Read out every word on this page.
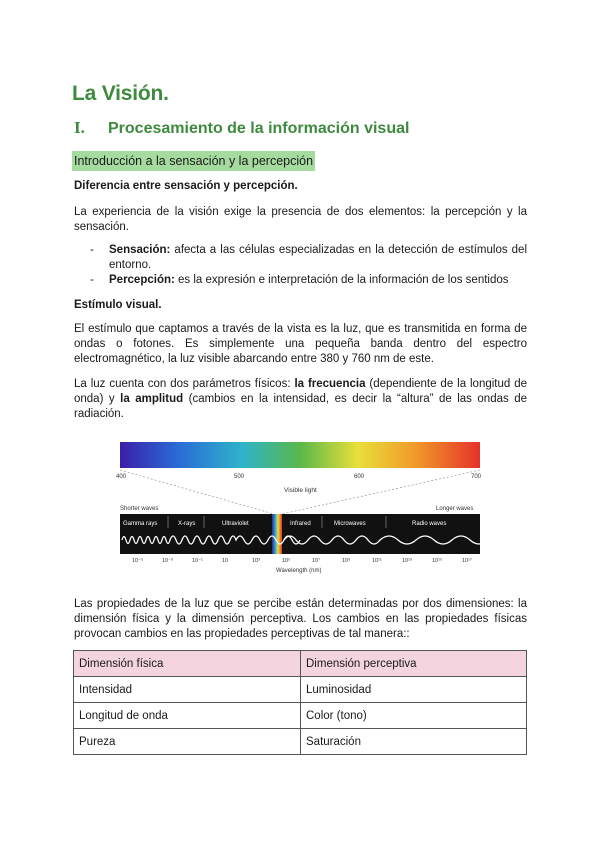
La Visión.
I. Procesamiento de la información visual
Introducción a la sensación y la percepción
Diferencia entre sensación y percepción.

La experiencia de la visión exige la presencia de dos elementos: la percepción y la sensación.

- Sensación: afecta a las células especializadas en la detección de estímulos del entorno.
- Percepción: es la expresión e interpretación de la información de los sentidos
Estímulo visual.

El estímulo que captamos a través de la vista es la luz, que es transmitida en forma de ondas o fotones. Es simplemente una pequeña banda dentro del espectro electromagnético, la luz visible abarcando entre 380 y 760 nm de este.

La luz cuenta con dos parámetros físicos: la frecuencia (dependiente de la longitud de onda) y la amplitud (cambios en la intensidad, es decir la “altura” de las ondas de radiación.

400	500	600	700
Visible light
Shorter waves	Longer waves
Gamma rays	X-rays	Ultraviolet	Infrared	Microwaves	Radio waves
10⁻⁵	10⁻³	10⁻¹	10	10³	10⁵	10⁷	10⁹	10¹¹	10¹³	10¹⁵	10¹⁷
Wavelength (nm)

Las propiedades de la luz que se percibe están determinadas por dos dimensiones: la dimensión física y la dimensión perceptiva. Los cambios en las propiedades físicas provocan cambios en las propiedades perceptivas de tal manera::

Dimensión física	Dimensión perceptiva
Intensidad	Luminosidad
Longitud de onda	Color (tono)
Pureza	Saturación
